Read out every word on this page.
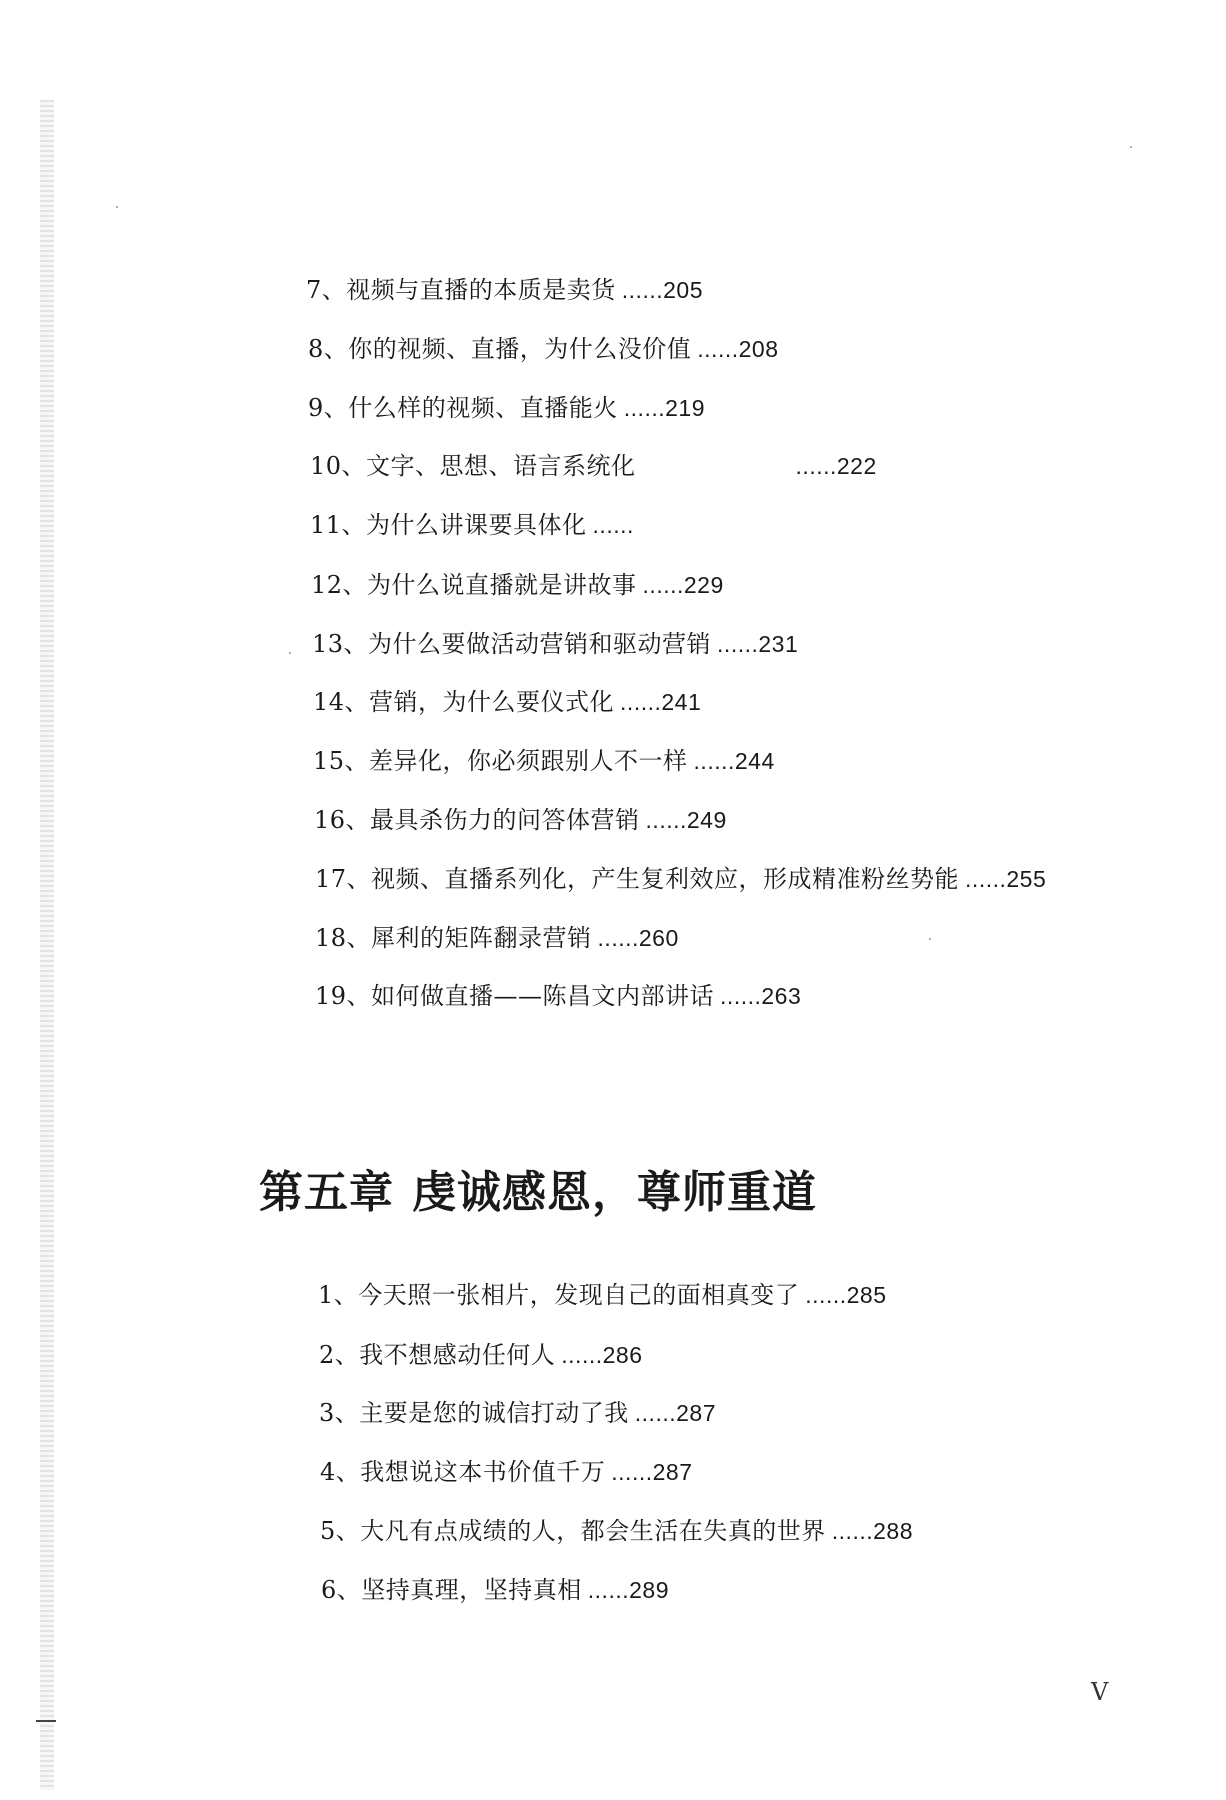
7、视频与直播的本质是卖货 ......205
8、你的视频、直播，为什么没价值 ......208
9、什么样的视频、直播能火 ......219
10、文字、思想、语言系统化	......222
11、为什么讲课要具体化 ......
12、为什么说直播就是讲故事 ......229
13、为什么要做活动营销和驱动营销 ......231
14、营销，为什么要仪式化 ......241
15、差异化，你必须跟别人不一样 ......244
16、最具杀伤力的问答体营销 ......249
17、视频、直播系列化，产生复利效应，形成精准粉丝势能 ......255
18、犀利的矩阵翻录营销 ......260
19、如何做直播——陈昌文内部讲话 ......263
第五章 虔诚感恩，尊师重道
1、今天照一张相片，发现自己的面相真变了 ......285
2、我不想感动任何人 ......286
3、主要是您的诚信打动了我 ......287
4、我想说这本书价值千万 ......287
5、大凡有点成绩的人，都会生活在失真的世界 ......288
6、坚持真理，坚持真相 ......289
V
